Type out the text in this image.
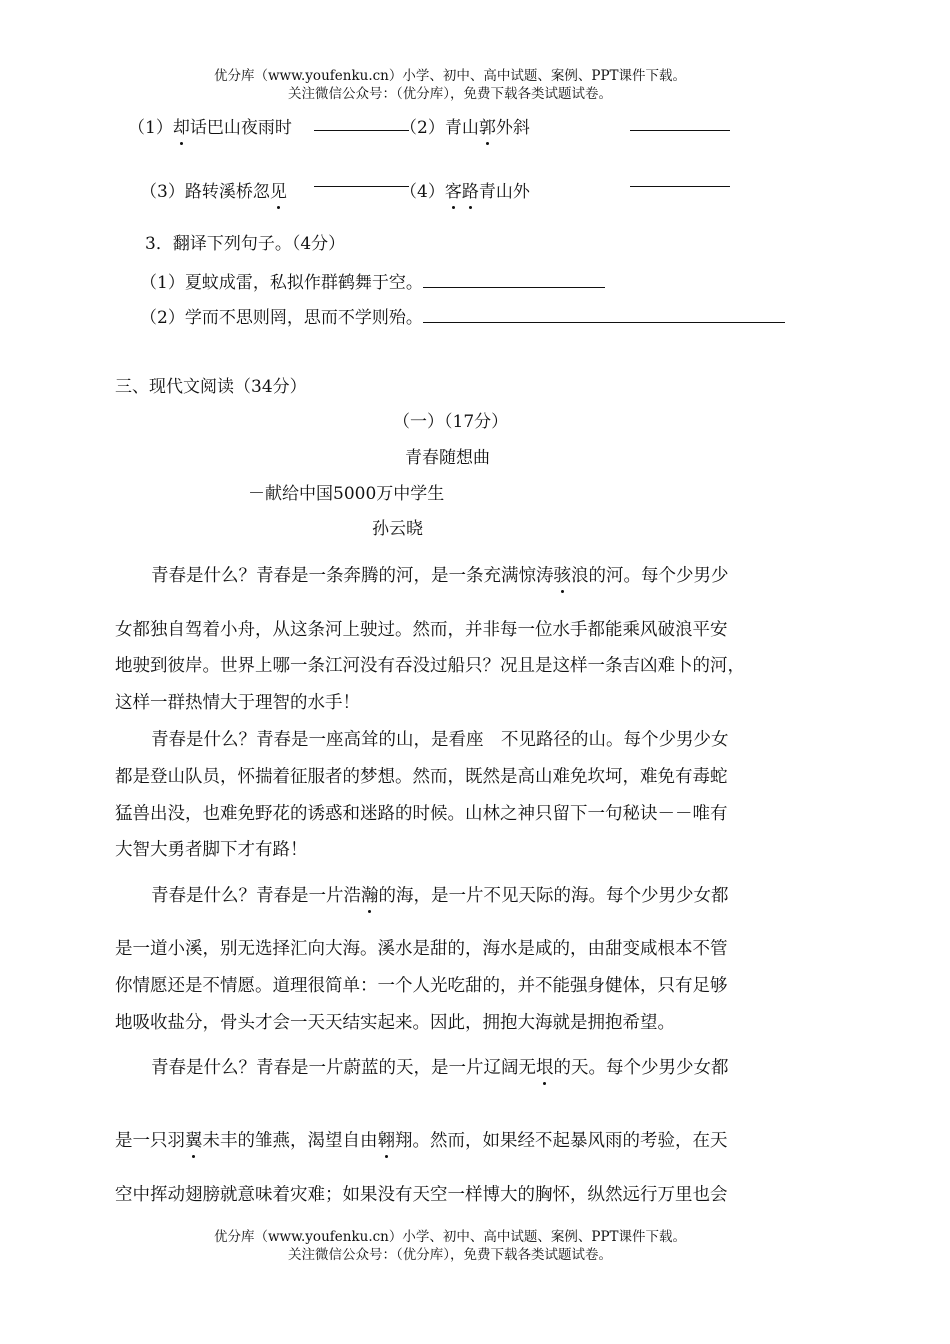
优分库（www.youfenku.cn）小学、初中、高中试题、案例、PPT课件下载。
关注微信公众号：（优分库），免费下载各类试题试卷。
（1）却话巴山夜雨时	（2）青山郭外斜
（3）路转溪桥忽见	（4）客路青山外
3．翻译下列句子。（4分）
（1）夏蚊成雷，私拟作群鹤舞于空。
（2）学而不思则罔，思而不学则殆。
三、现代文阅读（34分）
（一）（17分）
青春随想曲
－献给中国5000万中学生
孙云晓
青春是什么？青春是一条奔腾的河，是一条充满惊涛骇浪的河。每个少男少
女都独自驾着小舟，从这条河上驶过。然而，并非每一位水手都能乘风破浪平安
地驶到彼岸。世界上哪一条江河没有吞没过船只？况且是这样一条吉凶难卜的河，
这样一群热情大于理智的水手！
青春是什么？青春是一座高耸的山，是看座　不见路径的山。每个少男少女
都是登山队员，怀揣着征服者的梦想。然而，既然是高山难免坎坷，难免有毒蛇
猛兽出没，也难免野花的诱惑和迷路的时候。山林之神只留下一句秘诀－－唯有
大智大勇者脚下才有路！
青春是什么？青春是一片浩瀚的海，是一片不见天际的海。每个少男少女都
是一道小溪，别无选择汇向大海。溪水是甜的，海水是咸的，由甜变咸根本不管
你情愿还是不情愿。道理很简单：一个人光吃甜的，并不能强身健体，只有足够
地吸收盐分，骨头才会一天天结实起来。因此，拥抱大海就是拥抱希望。
青春是什么？青春是一片蔚蓝的天，是一片辽阔无垠的天。每个少男少女都
是一只羽翼未丰的雏燕，渴望自由翱翔。然而，如果经不起暴风雨的考验，在天
空中挥动翅膀就意味着灾难；如果没有天空一样博大的胸怀，纵然远行万里也会
优分库（www.youfenku.cn）小学、初中、高中试题、案例、PPT课件下载。
关注微信公众号：（优分库），免费下载各类试题试卷。
